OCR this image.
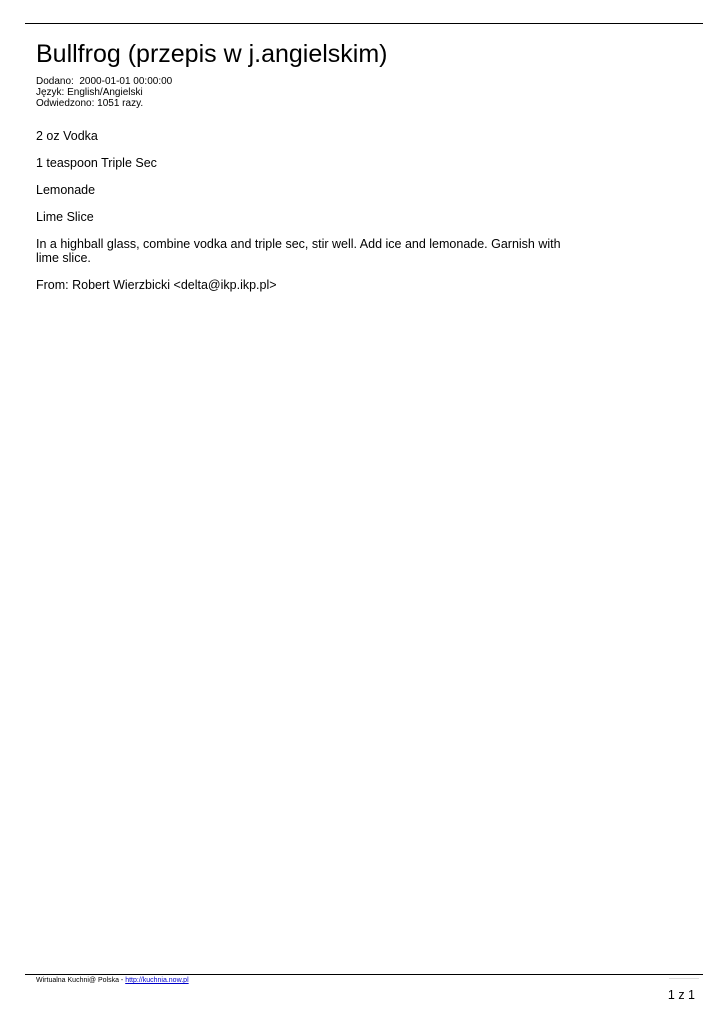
Bullfrog (przepis w j.angielskim)
Dodano:  2000-01-01 00:00:00
Język: English/Angielski
Odwiedzono: 1051 razy.

2 oz Vodka

1 teaspoon Triple Sec

Lemonade

Lime Slice

In a highball glass, combine vodka and triple sec, stir well. Add ice and lemonade. Garnish with lime slice.

From: Robert Wierzbicki <delta@ikp.ikp.pl>

Wirtualna Kuchni@ Polska - http://kuchnia.now.pl
1 z 1
